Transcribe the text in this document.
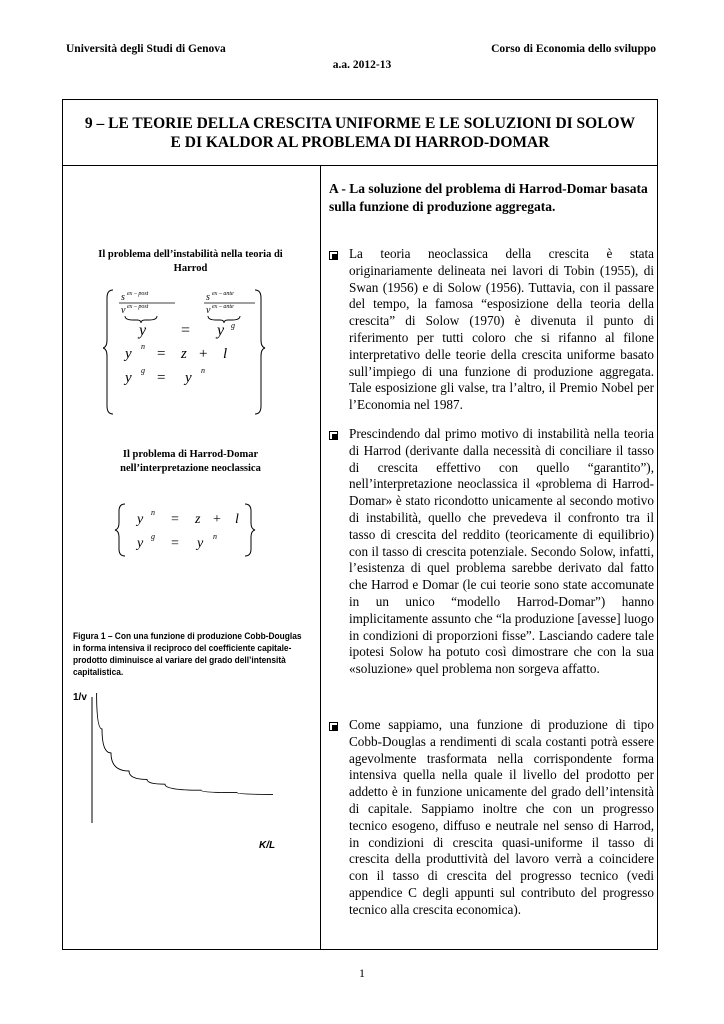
Università degli Studi di Genova	Corso di Economia dello sviluppo
a.a. 2012-13
9 – LE TEORIE DELLA CRESCITA UNIFORME E LE SOLUZIONI DI SOLOW E DI KALDOR AL PROBLEMA DI HARROD-DOMAR
Il problema dell’instabilità nella teoria di Harrod
s ex – post
v ex – post
s ex – ante
v ex – ante
y = y g
y n = z + l
y g = y n
Il problema di Harrod-Domar nell’interpretazione neoclassica
y n = z + l
y g = y n
Figura 1 – Con una funzione di produzione Cobb-Douglas in forma intensiva il reciproco del coefficiente capitale-prodotto diminuisce al variare del grado dell’intensità capitalistica.
1/v
K/L
A - La soluzione del problema di Harrod-Domar basata sulla funzione di produzione aggregata.

La teoria neoclassica della crescita è stata originariamente delineata nei lavori di Tobin (1955), di Swan (1956) e di Solow (1956). Tuttavia, con il passare del tempo, la famosa “esposizione della teoria della crescita” di Solow (1970) è divenuta il punto di riferimento per tutti coloro che si rifanno al filone interpretativo delle teorie della crescita uniforme basato sull’impiego di una funzione di produzione aggregata. Tale esposizione gli valse, tra l’altro, il Premio Nobel per l’Economia nel 1987.

Prescindendo dal primo motivo di instabilità nella teoria di Harrod (derivante dalla necessità di conciliare il tasso di crescita effettivo con quello “garantito”), nell’interpretazione neoclassica il «problema di Harrod-Domar» è stato ricondotto unicamente al secondo motivo di instabilità, quello che prevedeva il confronto tra il tasso di crescita del reddito (teoricamente di equilibrio) con il tasso di crescita potenziale. Secondo Solow, infatti, l’esistenza di quel problema sarebbe derivato dal fatto che Harrod e Domar (le cui teorie sono state accomunate in un unico “modello Harrod-Domar”) hanno implicitamente assunto che “la produzione [avesse] luogo in condizioni di proporzioni fisse”. Lasciando cadere tale ipotesi Solow ha potuto così dimostrare che con la sua «soluzione» quel problema non sorgeva affatto.

Come sappiamo, una funzione di produzione di tipo Cobb-Douglas a rendimenti di scala costanti potrà essere agevolmente trasformata nella corrispondente forma intensiva quella nella quale il livello del prodotto per addetto è in funzione unicamente del grado dell’intensità di capitale. Sappiamo inoltre che con un progresso tecnico esogeno, diffuso e neutrale nel senso di Harrod, in condizioni di crescita quasi-uniforme il tasso di crescita della produttività del lavoro verrà a coincidere con il tasso di crescita del progresso tecnico (vedi appendice C degli appunti sul contributo del progresso tecnico alla crescita economica).

1
